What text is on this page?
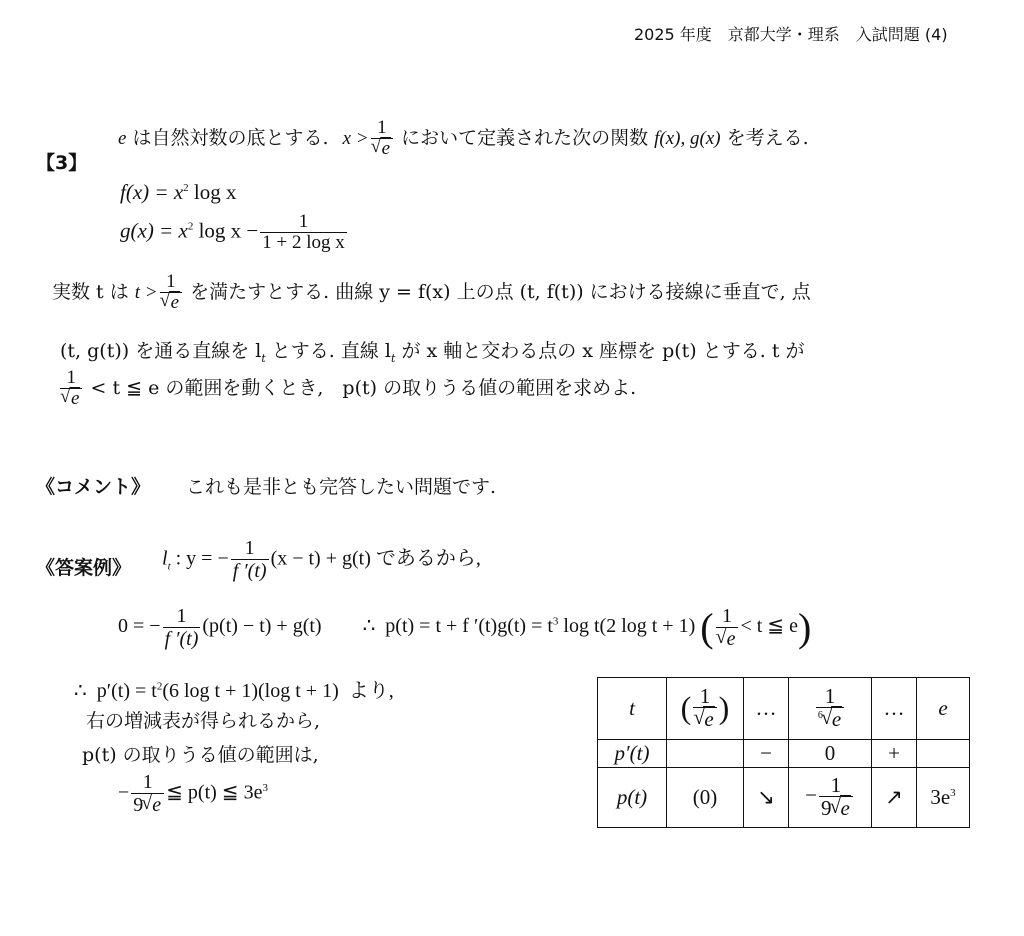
2025 年度　京都大学・理系　入試問題 (4)
【3】
e は自然対数の底とする. x > 1
√ e において定義された次の関数 f(x), g(x) を考える.
$f(x) = x^2$ log x
$g(x) = x^2$ $\log x - \frac{1}{\text{1 + 2 log x}}$
実数 t は t > 1
√ e を満たすとする. 曲線 y = f(x) 上の点 (t, f(t)) における接線に垂直で, 点
(t, g(t)) を通る直線を $l_t$ とする. 直線 $l_t$ が x 軸と交わる点の x 座標を p(t) とする. t が
1
√ e < t ≦ e の範囲を動くとき,　p(t) の取りうる値の範囲を求めよ.
《コメント》 これも是非とも完答したい問題です.
《答案例》 $l_t$ : y = − $\frac{1}{f '(t)} (x - t) + g(t)$ であるから,
0 = − $\frac{1}{f '(t)} (p(t) - t) + g(t)$ ∴ p(t) = t + f $'(t)g(t) = t^3$ log t(2 log t + 1) ( 1
√ e < t ≦ e)
∴ $p'(t) = t^2(6$ log t + 1)(log t + 1) より,
右の増減表が得られるから,
p(t) の取りうる値の範囲は,
− $\frac{1}{9 √ e}$ ≦ p(t) ≦ $3e^3$
t	( 1
√ e )	…	$\frac{1}{^6 √ e}$	…	e
p′(t)		−	0	+	
p(t)	(0)	↘	− $\frac{1}{9 √ e}$	↗	$3e^3$
